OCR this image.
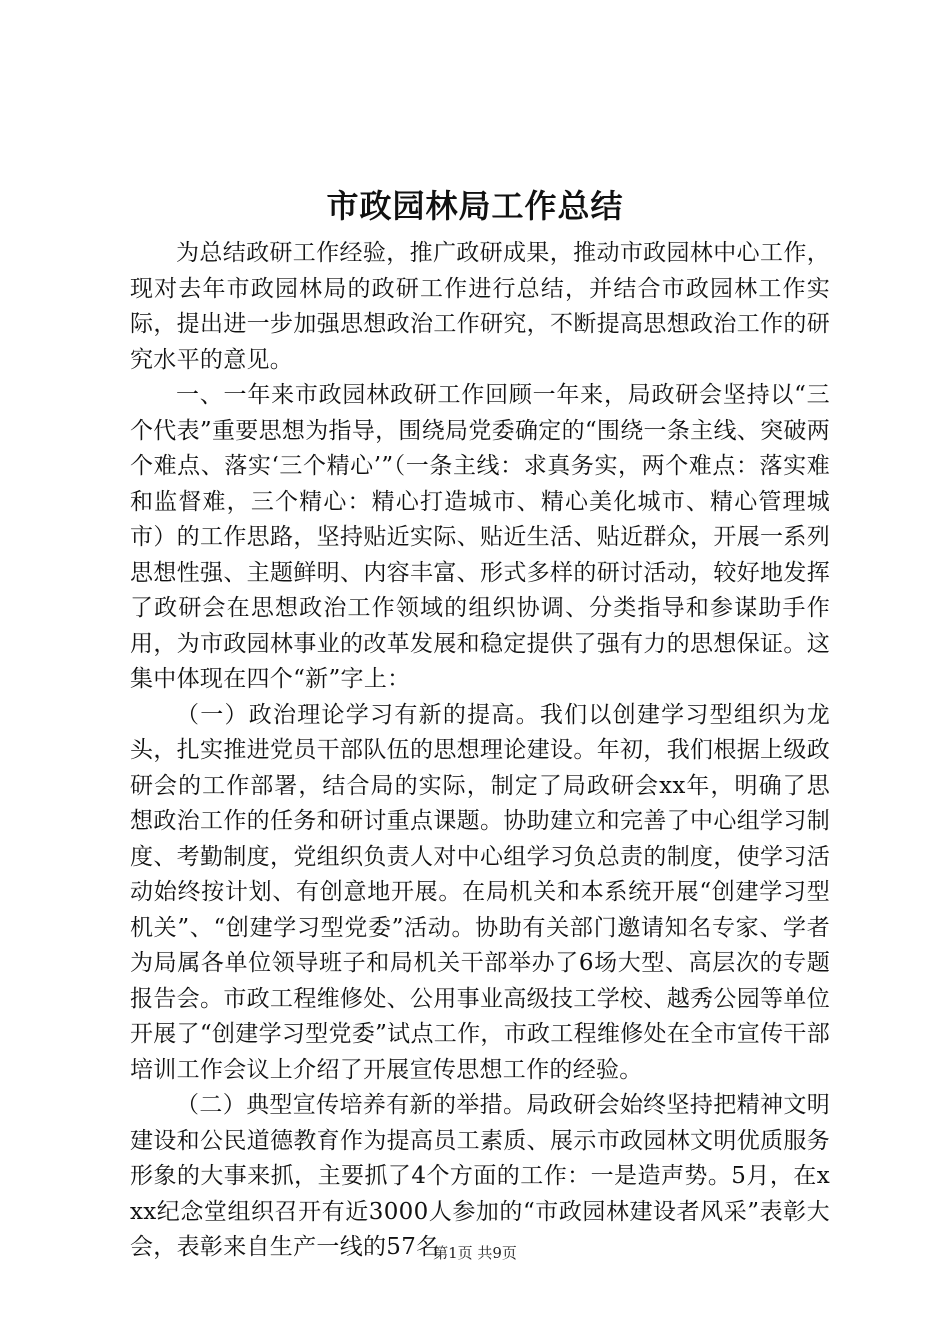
市政园林局工作总结

为总结政研工作经验，推广政研成果，推动市政园林中心工作，现对去年市政园林局的政研工作进行总结，并结合市政园林工作实际，提出进一步加强思想政治工作研究，不断提高思想政治工作的研究水平的意见。

一、一年来市政园林政研工作回顾一年来，局政研会坚持以“三个代表”重要思想为指导，围绕局党委确定的“围绕一条主线、突破两个难点、落实‘三个精心’”（一条主线：求真务实，两个难点：落实难和监督难，三个精心：精心打造城市、精心美化城市、精心管理城市）的工作思路，坚持贴近实际、贴近生活、贴近群众，开展一系列思想性强、主题鲜明、内容丰富、形式多样的研讨活动，较好地发挥了政研会在思想政治工作领域的组织协调、分类指导和参谋助手作用，为市政园林事业的改革发展和稳定提供了强有力的思想保证。这集中体现在四个“新”字上：

（一）政治理论学习有新的提高。我们以创建学习型组织为龙头，扎实推进党员干部队伍的思想理论建设。年初，我们根据上级政研会的工作部署，结合局的实际，制定了局政研会xx年，明确了思想政治工作的任务和研讨重点课题。协助建立和完善了中心组学习制度、考勤制度，党组织负责人对中心组学习负总责的制度，使学习活动始终按计划、有创意地开展。在局机关和本系统开展“创建学习型机关”、“创建学习型党委”活动。协助有关部门邀请知名专家、学者为局属各单位领导班子和局机关干部举办了6场大型、高层次的专题报告会。市政工程维修处、公用事业高级技工学校、越秀公园等单位开展了“创建学习型党委”试点工作，市政工程维修处在全市宣传干部培训工作会议上介绍了开展宣传思想工作的经验。

（二）典型宣传培养有新的举措。局政研会始终坚持把精神文明建设和公民道德教育作为提高员工素质、展示市政园林文明优质服务形象的大事来抓，主要抓了4个方面的工作：一是造声势。5月，在xxx纪念堂组织召开有近3000人参加的“市政园林建设者风采”表彰大会，表彰来自生产一线的57名

第1页 共9页
